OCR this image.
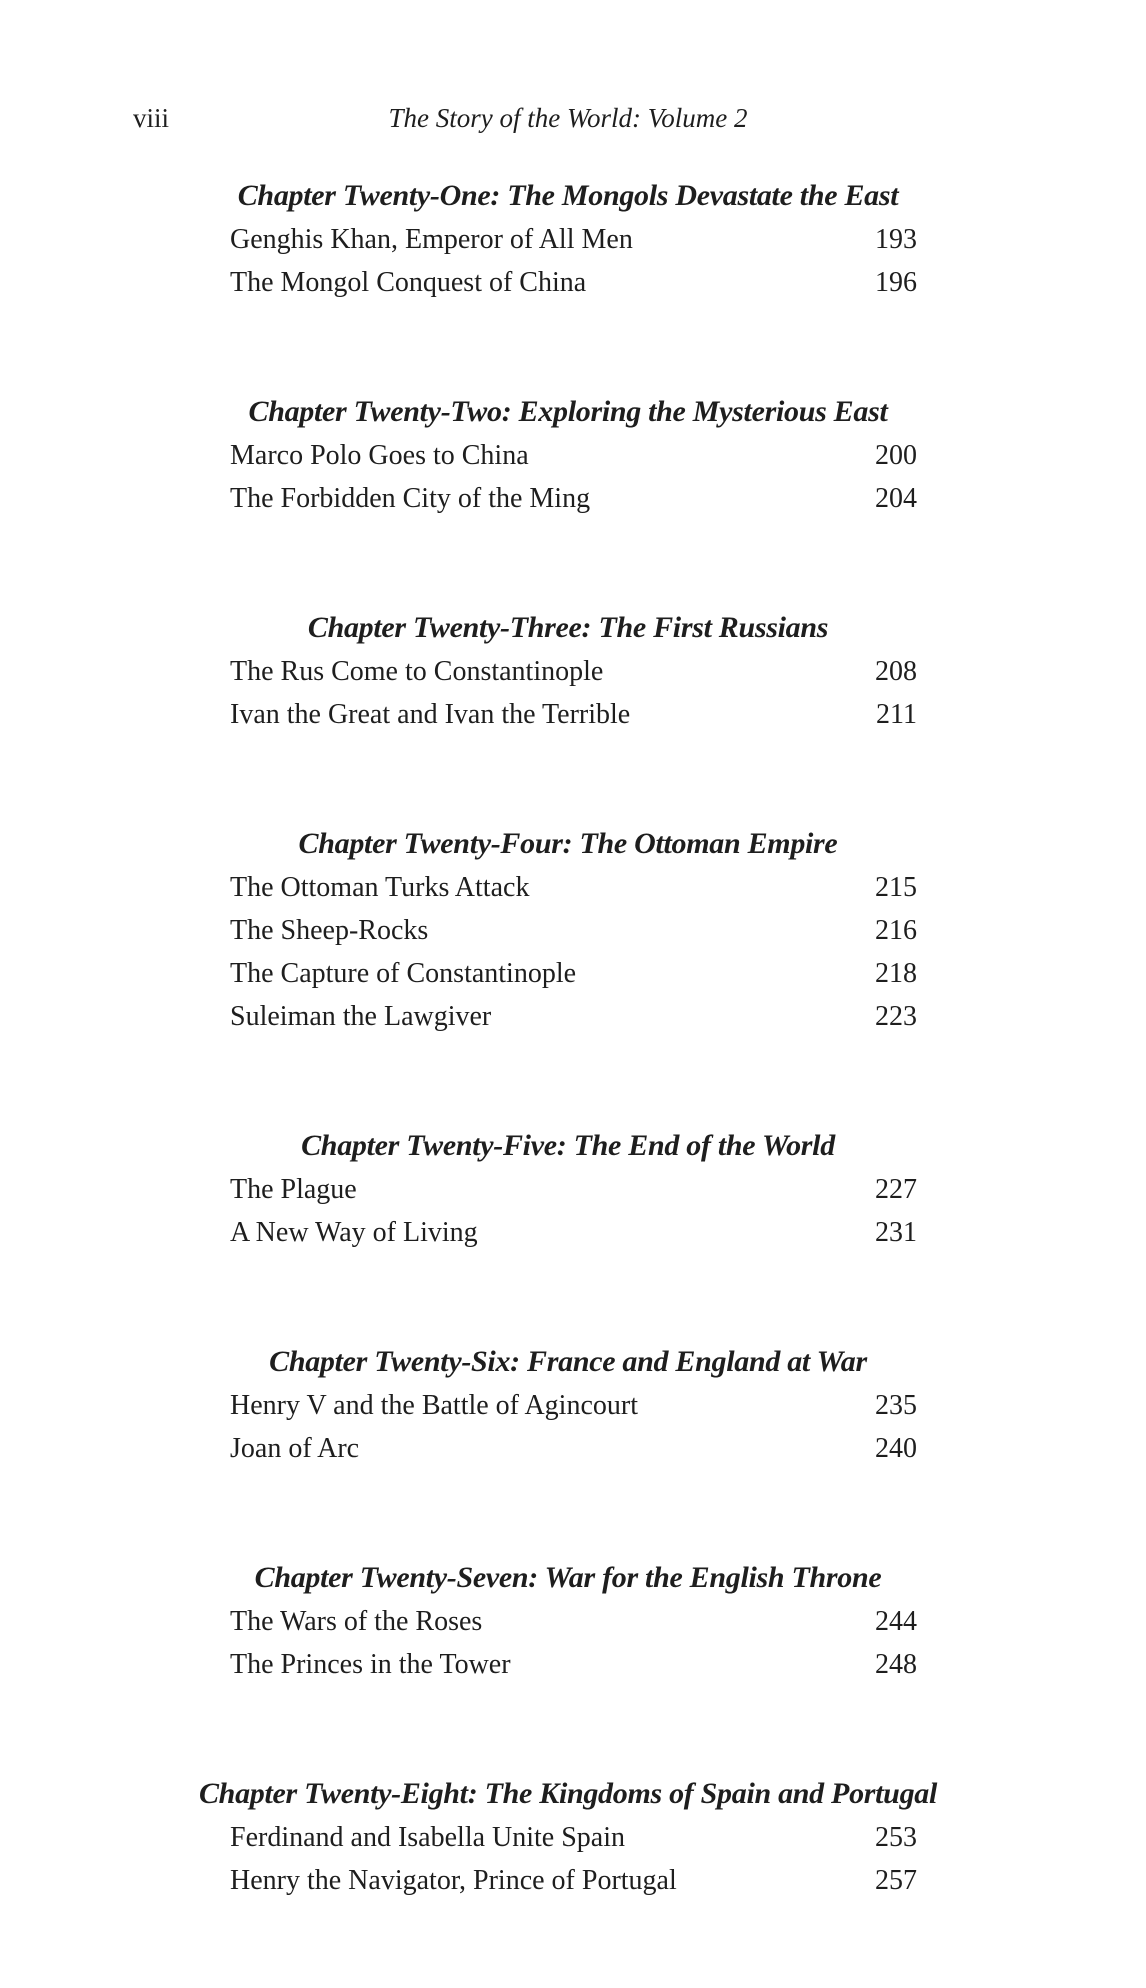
viii	The Story of the World: Volume 2
Chapter Twenty-One: The Mongols Devastate the East
Genghis Khan, Emperor of All Men	193
The Mongol Conquest of China	196
Chapter Twenty-Two: Exploring the Mysterious East
Marco Polo Goes to China	200
The Forbidden City of the Ming	204
Chapter Twenty-Three: The First Russians
The Rus Come to Constantinople	208
Ivan the Great and Ivan the Terrible	211
Chapter Twenty-Four: The Ottoman Empire
The Ottoman Turks Attack	215
The Sheep-Rocks	216
The Capture of Constantinople	218
Suleiman the Lawgiver	223
Chapter Twenty-Five: The End of the World
The Plague	227
A New Way of Living	231
Chapter Twenty-Six: France and England at War
Henry V and the Battle of Agincourt	235
Joan of Arc	240
Chapter Twenty-Seven: War for the English Throne
The Wars of the Roses	244
The Princes in the Tower	248
Chapter Twenty-Eight: The Kingdoms of Spain and Portugal
Ferdinand and Isabella Unite Spain	253
Henry the Navigator, Prince of Portugal	257
